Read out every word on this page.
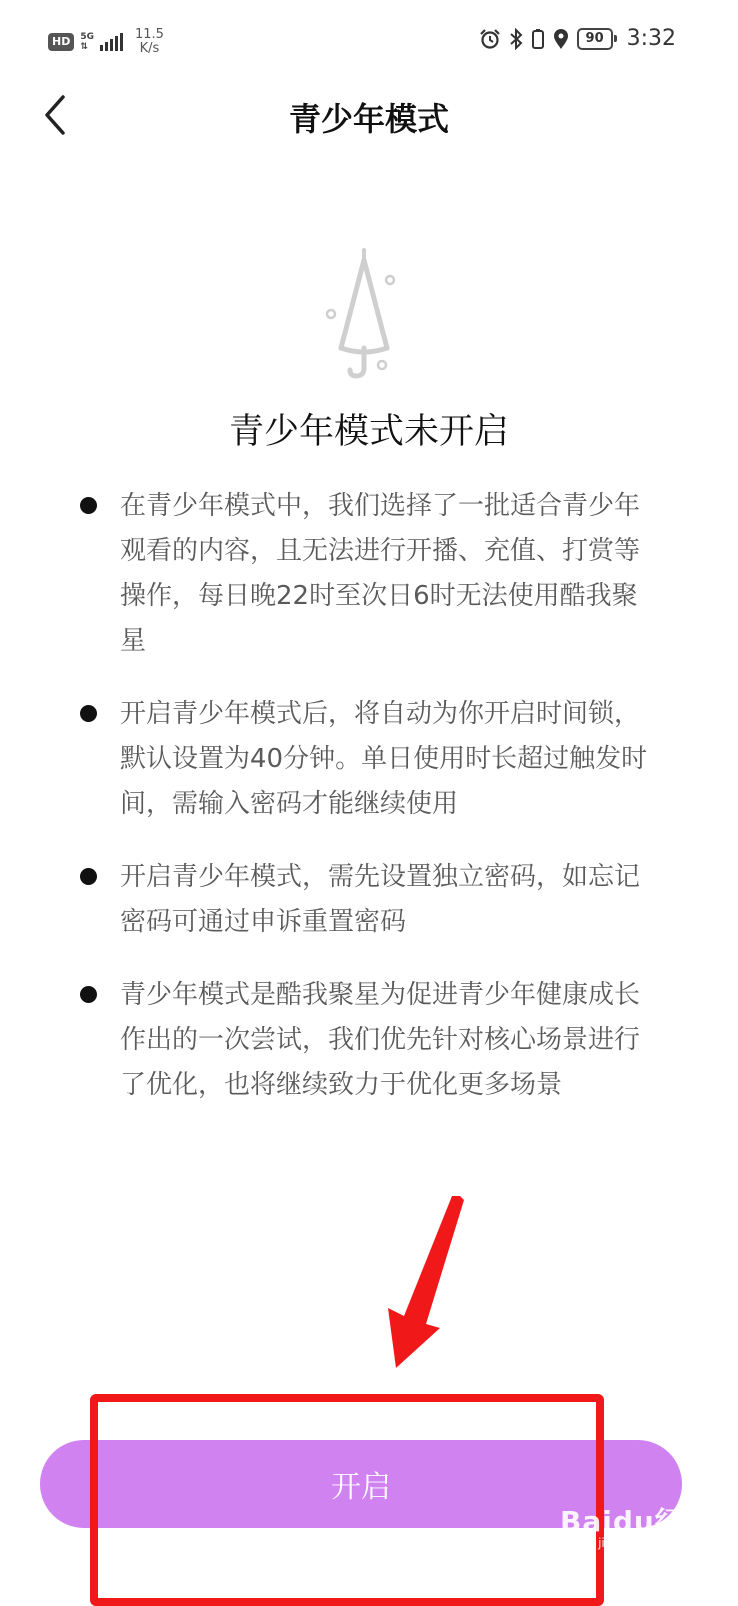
HD	5G
⇅
11.5
K/s
90 3:32
青少年模式
青少年模式未开启
在青少年模式中，我们选择了一批适合青少年观看的内容，且无法进行开播、充值、打赏等操作，每日晚22时至次日6时无法使用酷我聚星
开启青少年模式后，将自动为你开启时间锁，默认设置为40分钟。单日使用时长超过触发时间，需输入密码才能继续使用
开启青少年模式，需先设置独立密码，如忘记密码可通过申诉重置密码
青少年模式是酷我聚星为促进青少年健康成长作出的一次尝试，我们优先针对核心场景进行了优化，也将继续致力于优化更多场景
开启
Baidu经验
jingyan.baidu.com
